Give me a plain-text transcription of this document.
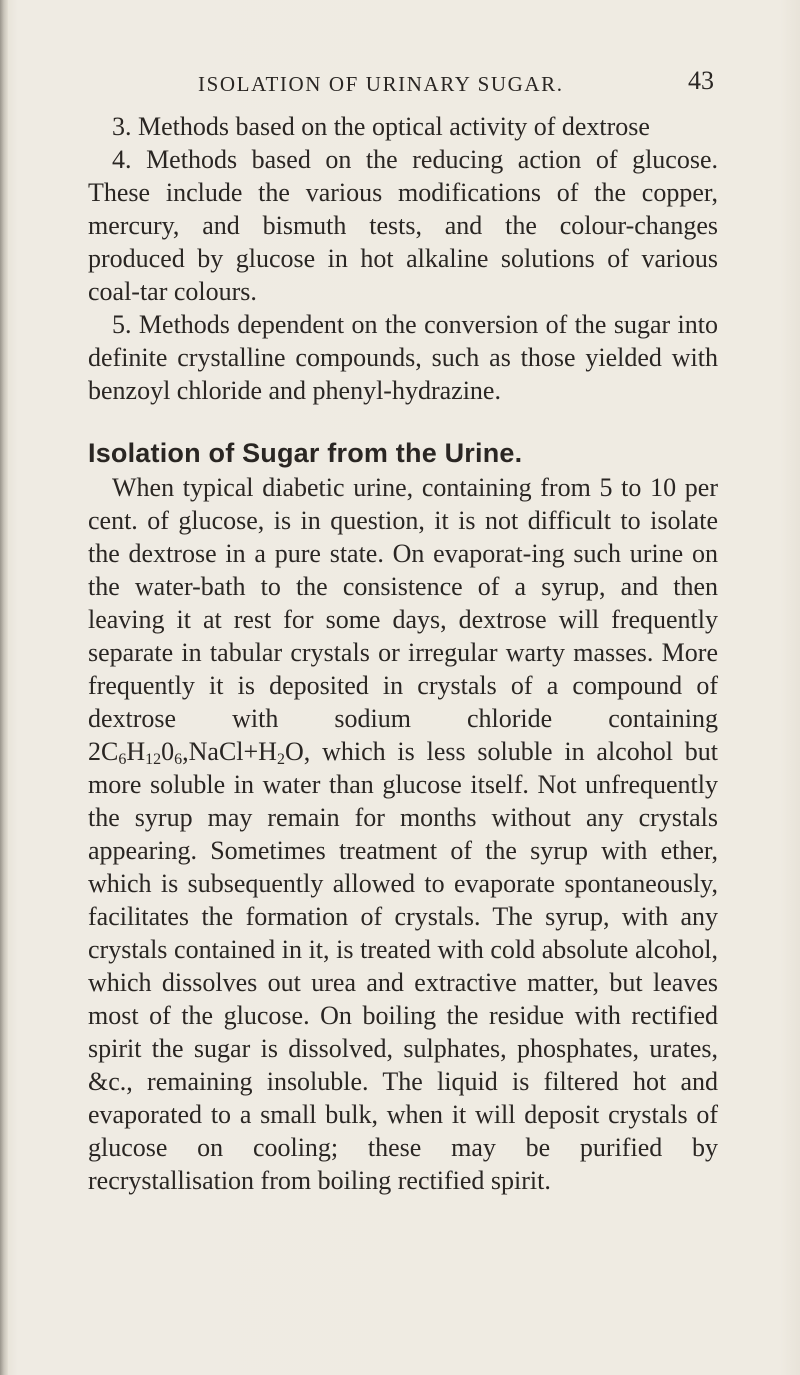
ISOLATION OF URINARY SUGAR.	43

3. Methods based on the optical activity of dextrose

4. Methods based on the reducing action of glucose. These include the various modifications of the copper, mercury, and bismuth tests, and the colour-changes produced by glucose in hot alkaline solutions of various coal-tar colours.

5. Methods dependent on the conversion of the sugar into definite crystalline compounds, such as those yielded with benzoyl chloride and phenyl-hydrazine.

Isolation of Sugar from the Urine.

When typical diabetic urine, containing from 5 to 10 per cent. of glucose, is in question, it is not difficult to isolate the dextrose in a pure state. On evaporat-ing such urine on the water-bath to the consistence of a syrup, and then leaving it at rest for some days, dextrose will frequently separate in tabular crystals or irregular warty masses. More frequently it is deposited in crystals of a compound of dextrose with sodium chloride containing $2C_6H_{12}0_6,NaCl+H_2O$, which is less soluble in alcohol but more soluble in water than glucose itself. Not unfrequently the syrup may remain for months without any crystals appearing. Sometimes treatment of the syrup with ether, which is subsequently allowed to evaporate spontaneously, facilitates the formation of crystals. The syrup, with any crystals contained in it, is treated with cold absolute alcohol, which dissolves out urea and extractive matter, but leaves most of the glucose. On boiling the residue with rectified spirit the sugar is dissolved, sulphates, phosphates, urates, &c., remaining insoluble. The liquid is filtered hot and evaporated to a small bulk, when it will deposit crystals of glucose on cooling; these may be purified by recrystallisation from boiling rectified spirit.
